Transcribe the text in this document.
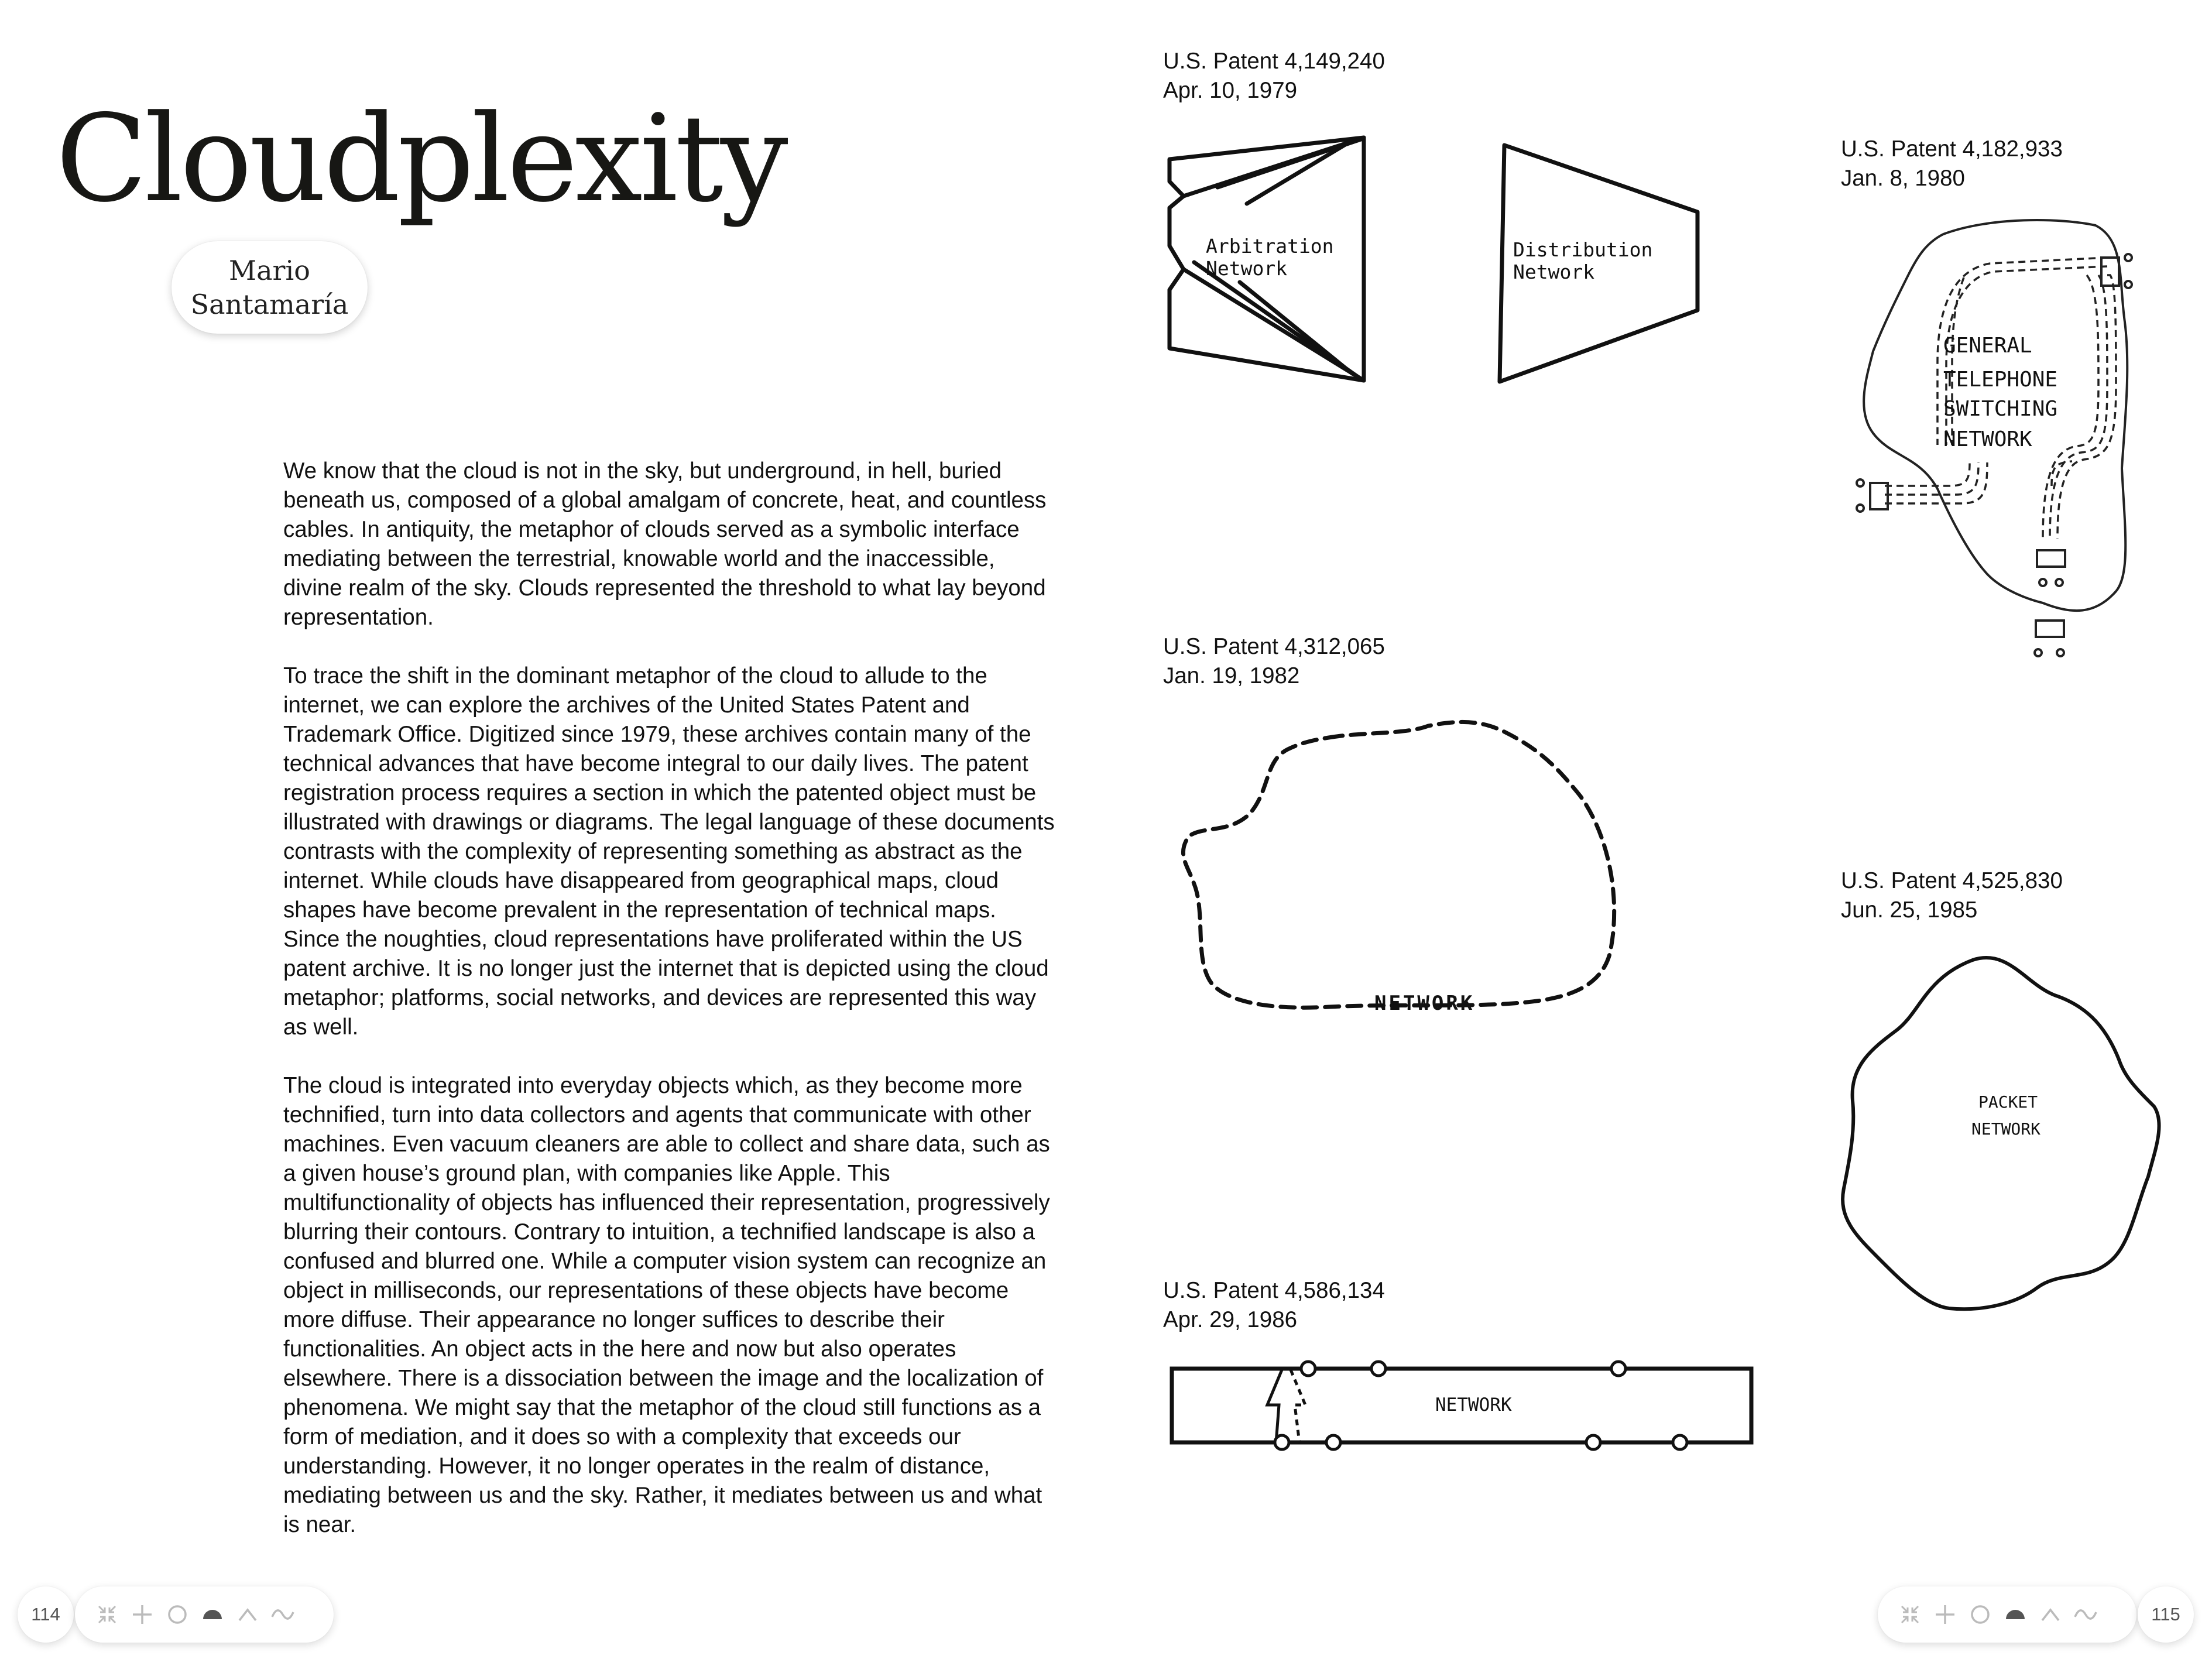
Cloudplexity
Mario
Santamaría

We know that the cloud is not in the sky, but underground, in hell, buried beneath us, composed of a global amalgam of concrete, heat, and countless cables. In antiquity, the metaphor of clouds served as a symbolic interface mediating between the terrestrial, knowable world and the inaccessible, divine realm of the sky. Clouds represented the threshold to what lay beyond representation.

To trace the shift in the dominant metaphor of the cloud to allude to the internet, we can explore the archives of the United States Patent and Trademark Office. Digitized since 1979, these archives contain many of the technical advances that have become integral to our daily lives. The patent registration process requires a section in which the patented object must be illustrated with drawings or diagrams. The legal language of these documents contrasts with the complexity of representing something as abstract as the internet. While clouds have disappeared from geographical maps, cloud shapes have become prevalent in the representation of technical maps. Since the noughties, cloud representations have proliferated within the US patent archive. It is no longer just the internet that is depicted using the cloud metaphor; platforms, social networks, and devices are represented this way as well.

The cloud is integrated into everyday objects which, as they become more technified, turn into data collectors and agents that communicate with other machines. Even vacuum cleaners are able to collect and share data, such as a given house’s ground plan, with companies like Apple. This multifunctionality of objects has influenced their representation, progressively blurring their contours. Contrary to intuition, a technified landscape is also a confused and blurred one. While a computer vision system can recognize an object in milliseconds, our representations of these objects have become more diffuse. Their appearance no longer suffices to describe their functionalities. An object acts in the here and now but also operates elsewhere. There is a dissociation between the image and the localization of phenomena. We might say that the metaphor of the cloud still functions as a form of mediation, and it does so with a complexity that exceeds our understanding. However, it no longer operates in the realm of distance, mediating between us and the sky. Rather, it mediates between us and what is near.

U.S. Patent 4,149,240
Apr. 10, 1979
U.S. Patent 4,182,933
Jan. 8, 1980
U.S. Patent 4,312,065
Jan. 19, 1982
U.S. Patent 4,525,830
Jun. 25, 1985
U.S. Patent 4,586,134
Apr. 29, 1986
Arbitration
Network
Distribution
Network
GENERAL
TELEPHONE
SWITCHING
NETWORK
NETWORK
PACKET
NETWORK
NETWORK
114	115
